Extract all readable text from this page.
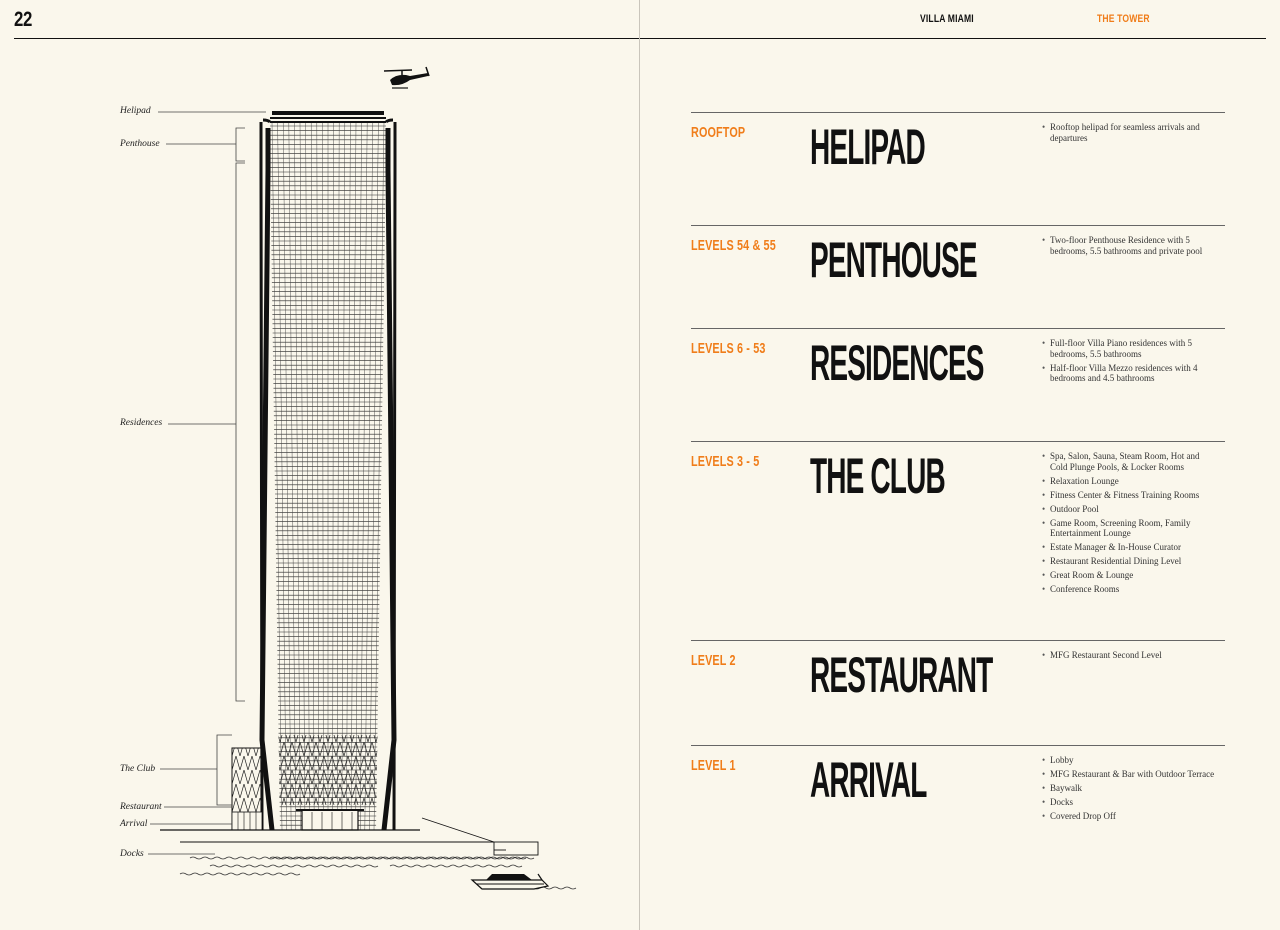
22	VILLA MIAMI	THE TOWER
Helipad
Penthouse
Residences
The Club
Restaurant
Arrival
Docks
ROOFTOP HELIPAD	• Rooftop helipad for seamless arrivals and departures
LEVELS 54 & 55 PENTHOUSE	• Two-floor Penthouse Residence with 5 bedrooms, 5.5 bathrooms and private pool
LEVELS 6 - 53 RESIDENCES	• Full-floor Villa Piano residences with 5 bedrooms, 5.5 bathrooms
• Half-floor Villa Mezzo residences with 4 bedrooms and 4.5 bathrooms
LEVELS 3 - 5 THE CLUB	• Spa, Salon, Sauna, Steam Room, Hot and Cold Plunge Pools, & Locker Rooms
• Relaxation Lounge
• Fitness Center & Fitness Training Rooms
• Outdoor Pool
• Game Room, Screening Room, Family Entertainment Lounge
• Estate Manager & In-House Curator
• Restaurant Residential Dining Level
• Great Room & Lounge
• Conference Rooms
LEVEL 2 RESTAURANT	• MFG Restaurant Second Level
LEVEL 1 ARRIVAL	• Lobby
• MFG Restaurant & Bar with Outdoor Terrace
• Baywalk
• Docks
• Covered Drop Off
